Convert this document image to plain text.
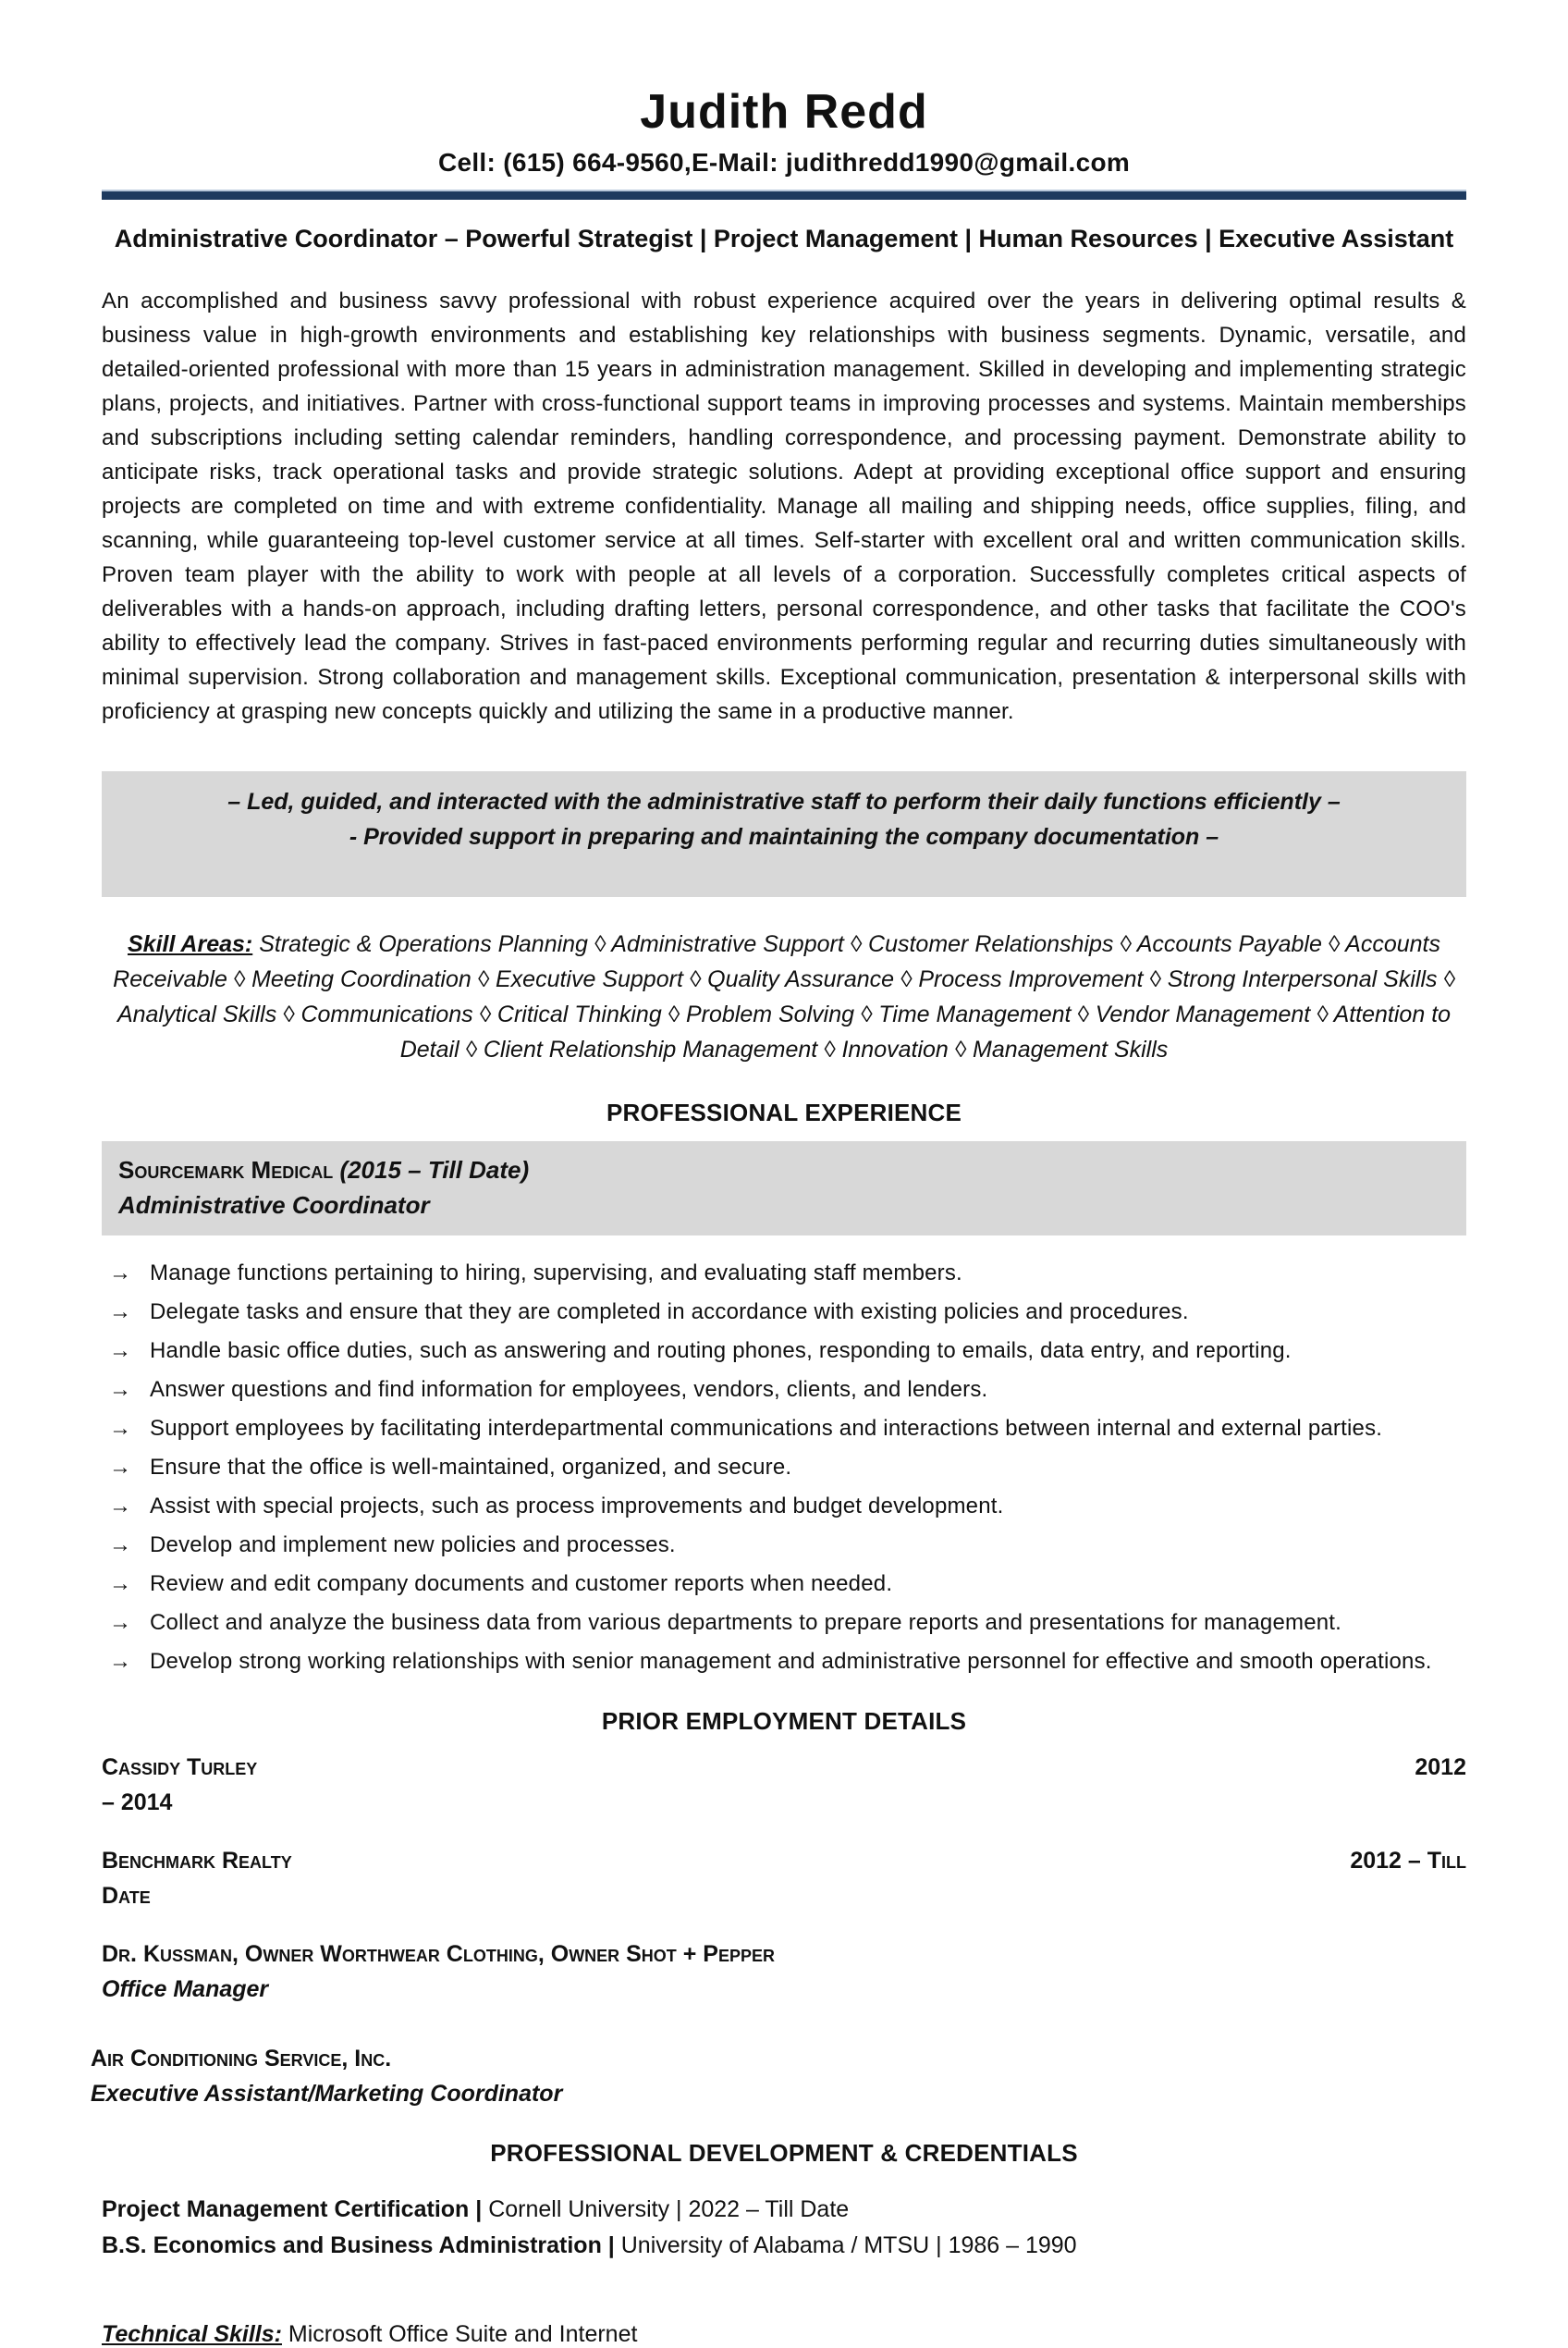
Judith Redd
Cell: (615) 664-9560,E-Mail: judithredd1990@gmail.com
Administrative Coordinator – Powerful Strategist | Project Management | Human Resources | Executive Assistant
An accomplished and business savvy professional with robust experience acquired over the years in delivering optimal results & business value in high-growth environments and establishing key relationships with business segments. Dynamic, versatile, and detailed-oriented professional with more than 15 years in administration management. Skilled in developing and implementing strategic plans, projects, and initiatives. Partner with cross-functional support teams in improving processes and systems. Maintain memberships and subscriptions including setting calendar reminders, handling correspondence, and processing payment. Demonstrate ability to anticipate risks, track operational tasks and provide strategic solutions. Adept at providing exceptional office support and ensuring projects are completed on time and with extreme confidentiality. Manage all mailing and shipping needs, office supplies, filing, and scanning, while guaranteeing top-level customer service at all times. Self-starter with excellent oral and written communication skills. Proven team player with the ability to work with people at all levels of a corporation. Successfully completes critical aspects of deliverables with a hands-on approach, including drafting letters, personal correspondence, and other tasks that facilitate the COO's ability to effectively lead the company. Strives in fast-paced environments performing regular and recurring duties simultaneously with minimal supervision. Strong collaboration and management skills. Exceptional communication, presentation & interpersonal skills with proficiency at grasping new concepts quickly and utilizing the same in a productive manner.
– Led, guided, and interacted with the administrative staff to perform their daily functions efficiently –
- Provided support in preparing and maintaining the company documentation –
Skill Areas: Strategic & Operations Planning ◊ Administrative Support ◊ Customer Relationships ◊ Accounts Payable ◊ Accounts Receivable ◊ Meeting Coordination ◊ Executive Support ◊ Quality Assurance ◊ Process Improvement ◊ Strong Interpersonal Skills ◊ Analytical Skills ◊ Communications ◊ Critical Thinking ◊ Problem Solving ◊ Time Management ◊ Vendor Management ◊ Attention to Detail ◊ Client Relationship Management ◊ Innovation ◊ Management Skills
PROFESSIONAL EXPERIENCE
Sourcemark Medical (2015 – Till Date)
Administrative Coordinator
→ Manage functions pertaining to hiring, supervising, and evaluating staff members.
→ Delegate tasks and ensure that they are completed in accordance with existing policies and procedures.
→ Handle basic office duties, such as answering and routing phones, responding to emails, data entry, and reporting.
→ Answer questions and find information for employees, vendors, clients, and lenders.
→ Support employees by facilitating interdepartmental communications and interactions between internal and external parties.
→ Ensure that the office is well-maintained, organized, and secure.
→ Assist with special projects, such as process improvements and budget development.
→ Develop and implement new policies and processes.
→ Review and edit company documents and customer reports when needed.
→ Collect and analyze the business data from various departments to prepare reports and presentations for management.
→ Develop strong working relationships with senior management and administrative personnel for effective and smooth operations.
PRIOR EMPLOYMENT DETAILS
Cassidy Turley	2012
– 2014
Benchmark Realty	2012 – Till
Date
Dr. Kussman, Owner Worthwear Clothing, Owner Shot + Pepper
Office Manager
Air Conditioning Service, Inc.
Executive Assistant/Marketing Coordinator
PROFESSIONAL DEVELOPMENT & CREDENTIALS
Project Management Certification | Cornell University | 2022 – Till Date
B.S. Economics and Business Administration | University of Alabama / MTSU | 1986 – 1990
Technical Skills: Microsoft Office Suite and Internet
